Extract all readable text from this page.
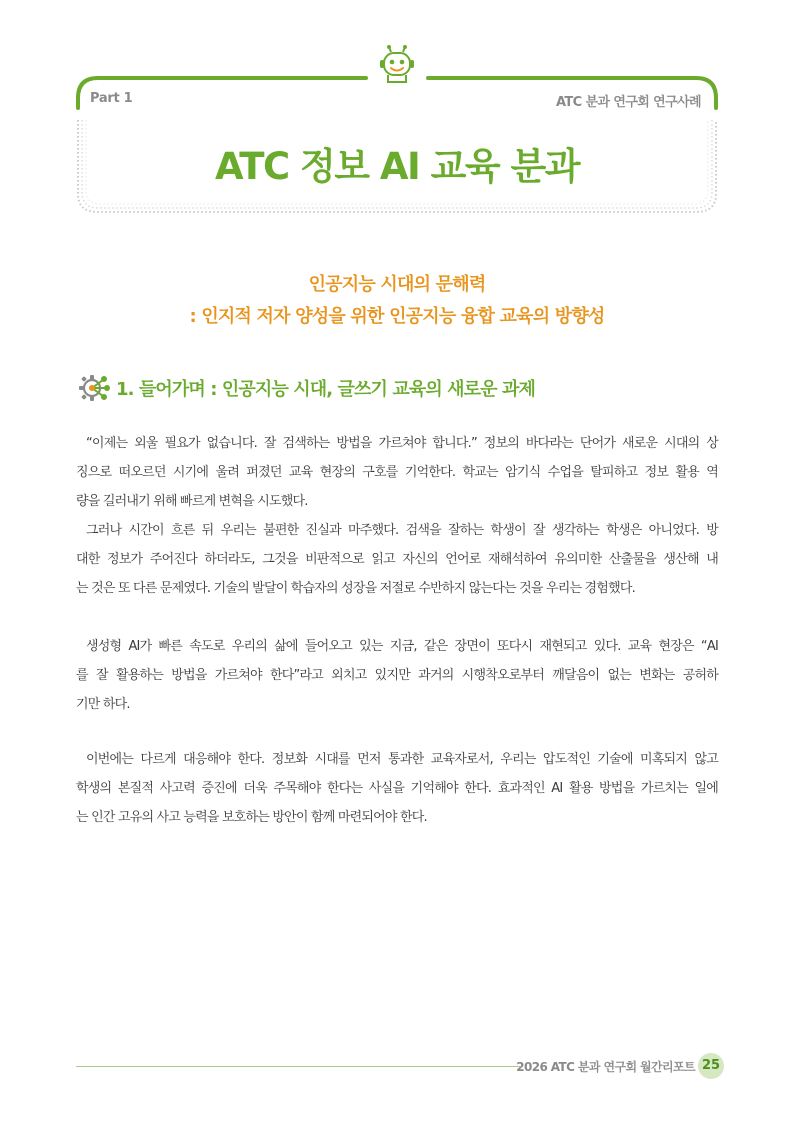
Part 1	ATC 분과 연구회 연구사례
ATC 정보 AI 교육 분과
인공지능 시대의 문해력
: 인지적 저자 양성을 위한 인공지능 융합 교육의 방향성
1. 들어가며 : 인공지능 시대, 글쓰기 교육의 새로운 과제
“이제는 외울 필요가 없습니다. 잘 검색하는 방법을 가르쳐야 합니다.” 정보의 바다라는 단어가 새로운 시대의 상
징으로 떠오르던 시기에 울려 퍼졌던 교육 현장의 구호를 기억한다. 학교는 암기식 수업을 탈피하고 정보 활용 역
량을 길러내기 위해 빠르게 변혁을 시도했다.
그러나 시간이 흐른 뒤 우리는 불편한 진실과 마주했다. 검색을 잘하는 학생이 잘 생각하는 학생은 아니었다. 방
대한 정보가 주어진다 하더라도, 그것을 비판적으로 읽고 자신의 언어로 재해석하여 유의미한 산출물을 생산해 내
는 것은 또 다른 문제였다. 기술의 발달이 학습자의 성장을 저절로 수반하지 않는다는 것을 우리는 경험했다.
생성형 AI가 빠른 속도로 우리의 삶에 들어오고 있는 지금, 같은 장면이 또다시 재현되고 있다. 교육 현장은 “AI
를 잘 활용하는 방법을 가르쳐야 한다”라고 외치고 있지만 과거의 시행착오로부터 깨달음이 없는 변화는 공허하
기만 하다.
이번에는 다르게 대응해야 한다. 정보화 시대를 먼저 통과한 교육자로서, 우리는 압도적인 기술에 미혹되지 않고
학생의 본질적 사고력 증진에 더욱 주목해야 한다는 사실을 기억해야 한다. 효과적인 AI 활용 방법을 가르치는 일에
는 인간 고유의 사고 능력을 보호하는 방안이 함께 마련되어야 한다.
2026 ATC 분과 연구회 월간리포트 25
